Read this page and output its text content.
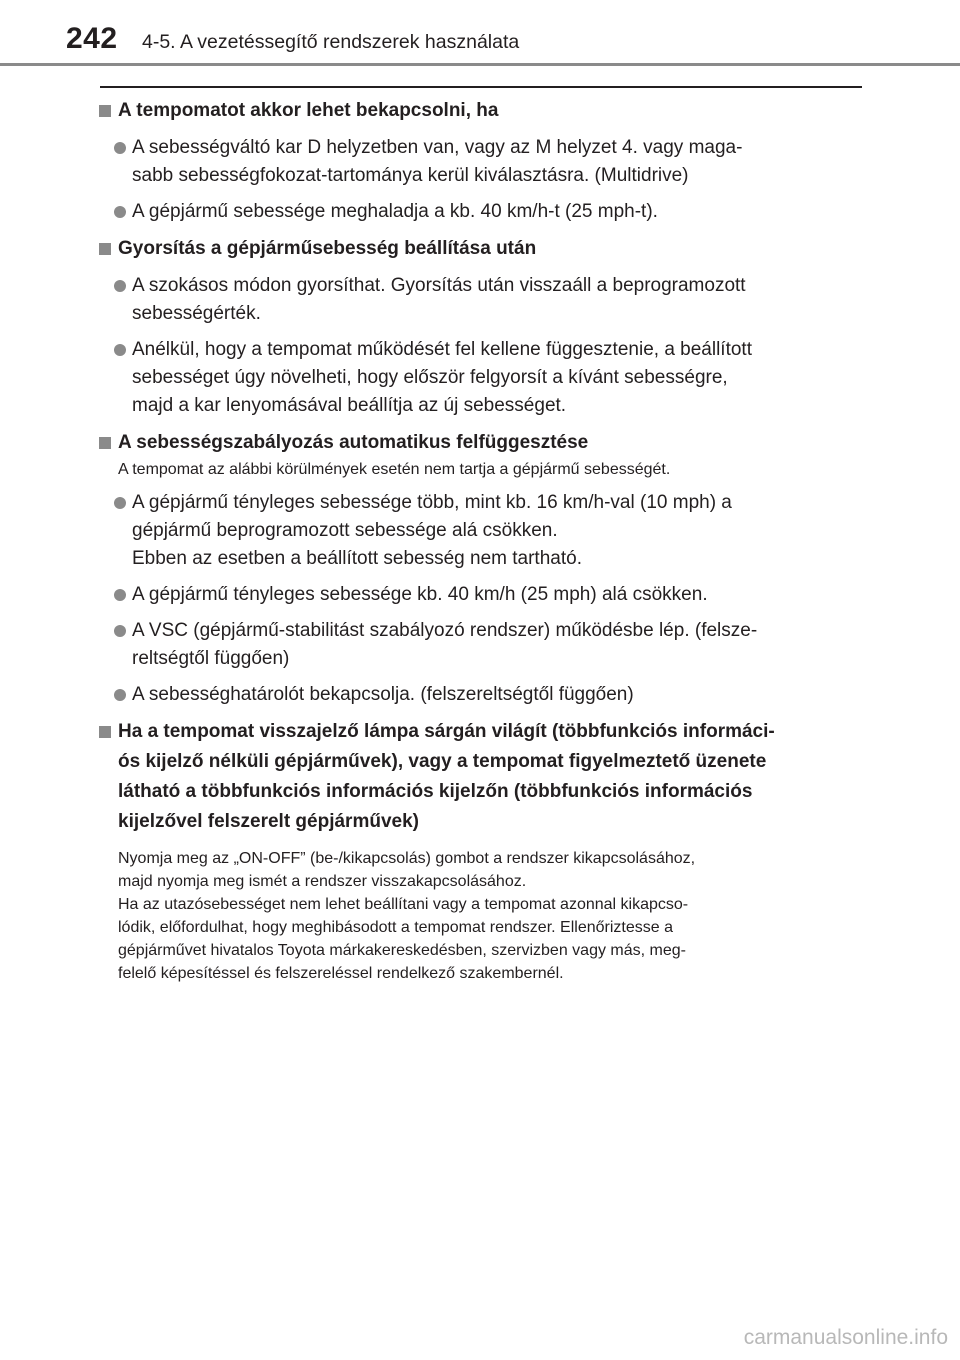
242 4-5. A vezetéssegítő rendszerek használata
A tempomatot akkor lehet bekapcsolni, ha
A sebességváltó kar D helyzetben van, vagy az M helyzet 4. vagy maga-
sabb sebességfokozat-tartománya kerül kiválasztásra. (Multidrive)
A gépjármű sebessége meghaladja a kb. 40 km/h-t (25 mph-t).
Gyorsítás a gépjárműsebesség beállítása után
A szokásos módon gyorsíthat. Gyorsítás után visszaáll a beprogramozott
sebességérték.
Anélkül, hogy a tempomat működését fel kellene függesztenie, a beállított
sebességet úgy növelheti, hogy először felgyorsít a kívánt sebességre,
majd a kar lenyomásával beállítja az új sebességet.
A sebességszabályozás automatikus felfüggesztése
A tempomat az alábbi körülmények esetén nem tartja a gépjármű sebességét.
A gépjármű tényleges sebessége több, mint kb. 16 km/h-val (10 mph) a
gépjármű beprogramozott sebessége alá csökken.
Ebben az esetben a beállított sebesség nem tartható.
A gépjármű tényleges sebessége kb. 40 km/h (25 mph) alá csökken.
A VSC (gépjármű-stabilitást szabályozó rendszer) működésbe lép. (felsze-
reltségtől függően)
A sebességhatárolót bekapcsolja. (felszereltségtől függően)
Ha a tempomat visszajelző lámpa sárgán világít (többfunkciós informáci-
ós kijelző nélküli gépjárművek), vagy a tempomat figyelmeztető üzenete
látható a többfunkciós információs kijelzőn (többfunkciós információs
kijelzővel felszerelt gépjárművek)
Nyomja meg az „ON-OFF” (be-/kikapcsolás) gombot a rendszer kikapcsolásához,
majd nyomja meg ismét a rendszer visszakapcsolásához.
Ha az utazósebességet nem lehet beállítani vagy a tempomat azonnal kikapcso-
lódik, előfordulhat, hogy meghibásodott a tempomat rendszer. Ellenőriztesse a
gépjárművet hivatalos Toyota márkakereskedésben, szervizben vagy más, meg-
felelő képesítéssel és felszereléssel rendelkező szakembernél.
carmanualsonline.info
